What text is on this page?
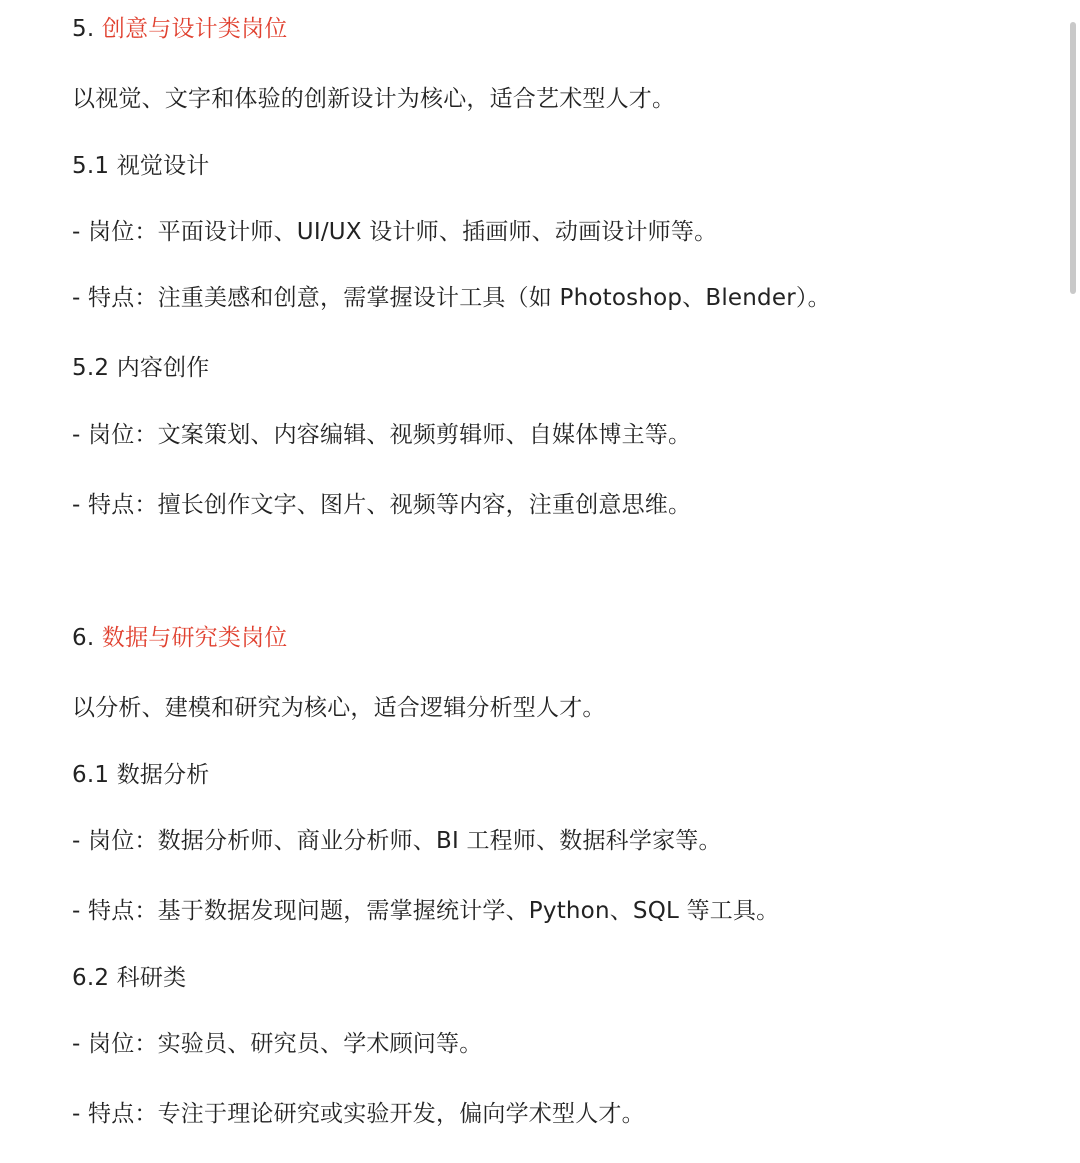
5. 创意与设计类岗位
以视觉、文字和体验的创新设计为核心，适合艺术型人才。
5.1 视觉设计
- 岗位：平面设计师、UI/UX 设计师、插画师、动画设计师等。
- 特点：注重美感和创意，需掌握设计工具（如 Photoshop、Blender）。
5.2 内容创作
- 岗位：文案策划、内容编辑、视频剪辑师、自媒体博主等。
- 特点：擅长创作文字、图片、视频等内容，注重创意思维。
6. 数据与研究类岗位
以分析、建模和研究为核心，适合逻辑分析型人才。
6.1 数据分析
- 岗位：数据分析师、商业分析师、BI 工程师、数据科学家等。
- 特点：基于数据发现问题，需掌握统计学、Python、SQL 等工具。
6.2 科研类
- 岗位：实验员、研究员、学术顾问等。
- 特点：专注于理论研究或实验开发，偏向学术型人才。
